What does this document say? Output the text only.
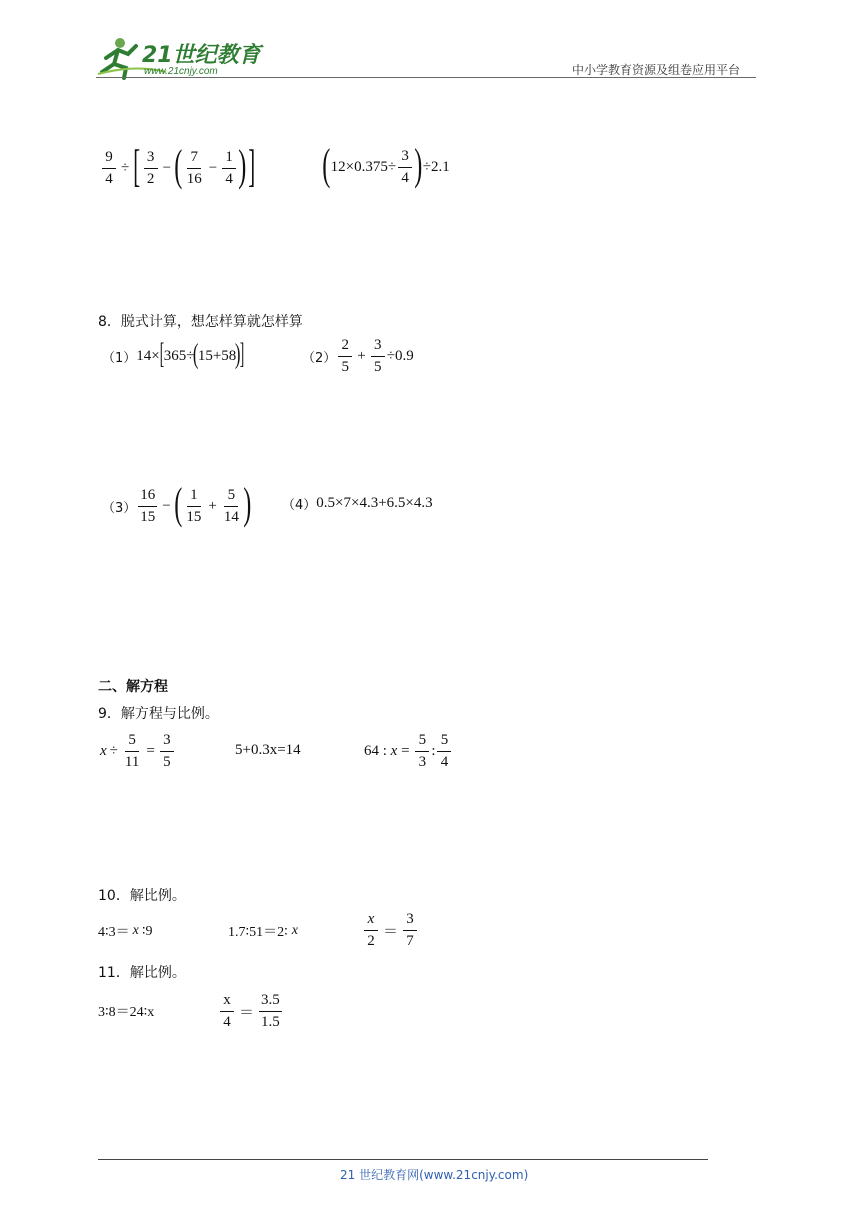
21世纪教育
www.21cnjy.com	中小学教育资源及组卷应用平台
$\frac{9}{4}$ ÷ [ $\frac{3}{2}$ − ( $\frac{7}{16} - \frac{1}{4}$ ) ] ( $12\times 0.375\div \frac{3}{4}$ ) ÷2.1
8．脱式计算，想怎样算就怎样算
（1） 14× [ 365÷
(
15+58
)
]	$(2) \frac{2}{5} + \frac{3}{5} \div 0.9$
$(3) \frac{16}{15}$ − ( $\frac{1}{15} + \frac{5}{14}$ ) （4） 0.5×7×4.3+6.5×4.3
二、解方程
9．解方程与比例。
$x \div \frac{5}{11} = \frac{3}{5}$	5+0.3x=14	64 : $x = \frac{5}{3}$ : $\frac{5}{4}$
10．解比例。
4∶3＝ x ∶9	1.7∶51＝2∶ x	$\frac{x}{2} = \frac{3}{7}$
11．解比例。
3∶8＝24∶x	$\frac{x}{4} = \frac{3.5}{1.5}$
21 世纪教育网(www.21cnjy.com)
